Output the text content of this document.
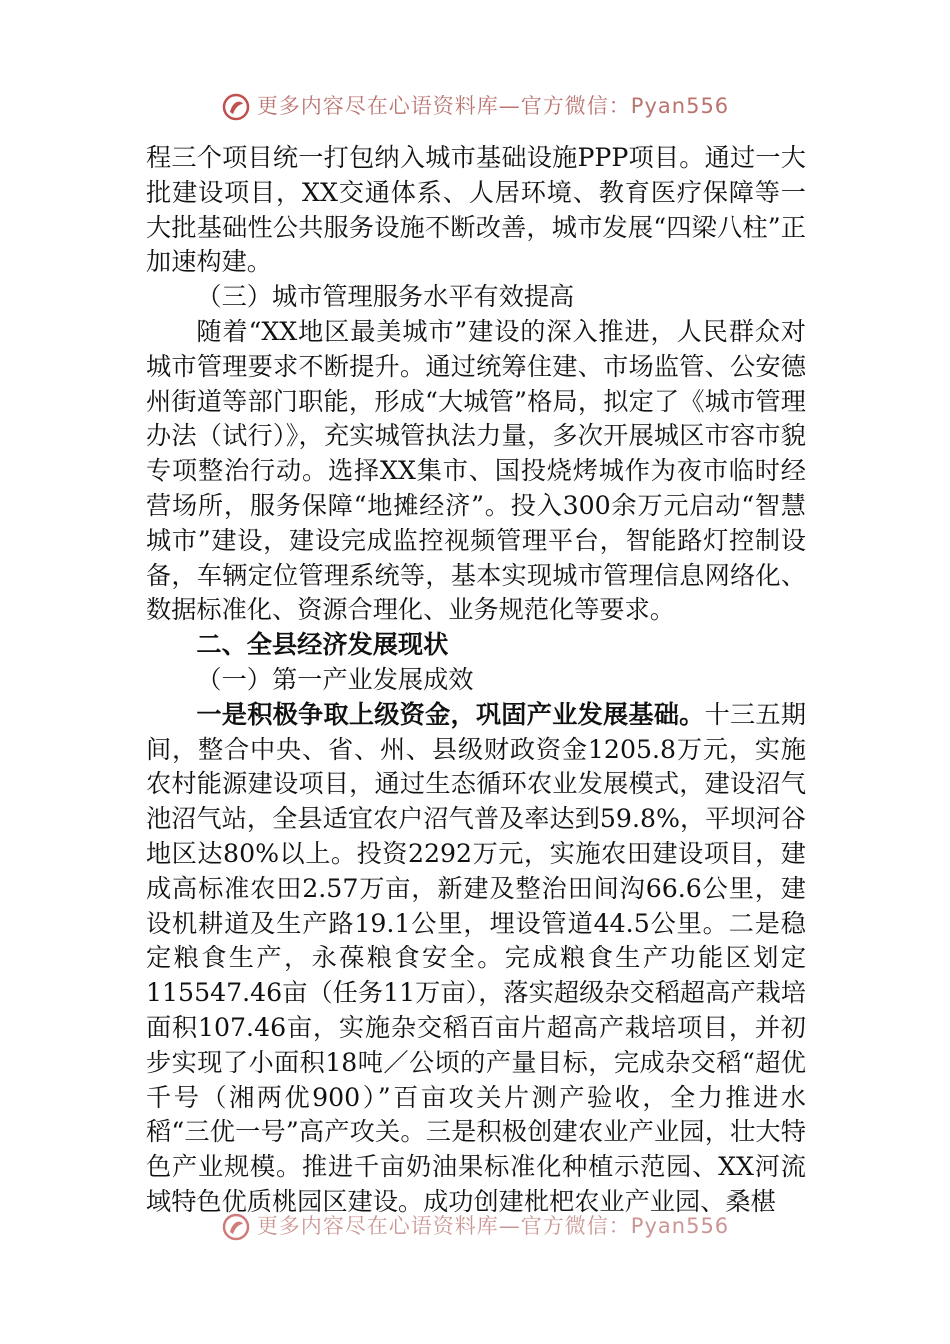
更多内容尽在心语资料库—官方微信：Pyan556

程三个项目统一打包纳入城市基础设施PPP项目。通过一大批建设项目，XX交通体系、人居环境、教育医疗保障等一大批基础性公共服务设施不断改善，城市发展“四梁八柱”正加速构建。

（三）城市管理服务水平有效提高

随着“XX地区最美城市”建设的深入推进，人民群众对城市管理要求不断提升。通过统筹住建、市场监管、公安德州街道等部门职能，形成“大城管”格局，拟定了《城市管理办法（试行）》，充实城管执法力量，多次开展城区市容市貌专项整治行动。选择XX集市、国投烧烤城作为夜市临时经营场所，服务保障“地摊经济”。投入300余万元启动“智慧城市”建设，建设完成监控视频管理平台，智能路灯控制设备，车辆定位管理系统等，基本实现城市管理信息网络化、数据标准化、资源合理化、业务规范化等要求。

二、全县经济发展现状

（一）第一产业发展成效

一是积极争取上级资金，巩固产业发展基础。十三五期间，整合中央、省、州、县级财政资金1205.8万元，实施农村能源建设项目，通过生态循环农业发展模式，建设沼气池沼气站，全县适宜农户沼气普及率达到59.8%，平坝河谷地区达80%以上。投资2292万元，实施农田建设项目，建成高标准农田2.57万亩，新建及整治田间沟66.6公里，建设机耕道及生产路19.1公里，埋设管道44.5公里。二是稳定粮食生产，永葆粮食安全。完成粮食生产功能区划定115547.46亩（任务11万亩），落实超级杂交稻超高产栽培面积107.46亩，实施杂交稻百亩片超高产栽培项目，并初步实现了小面积18吨／公顷的产量目标，完成杂交稻“超优千号（湘两优900）”百亩攻关片测产验收，全力推进水稻“三优一号”高产攻关。三是积极创建农业产业园，壮大特色产业规模。推进千亩奶油果标准化种植示范园、XX河流域特色优质桃园区建设。成功创建枇杷农业产业园、桑椹

更多内容尽在心语资料库—官方微信：Pyan556
